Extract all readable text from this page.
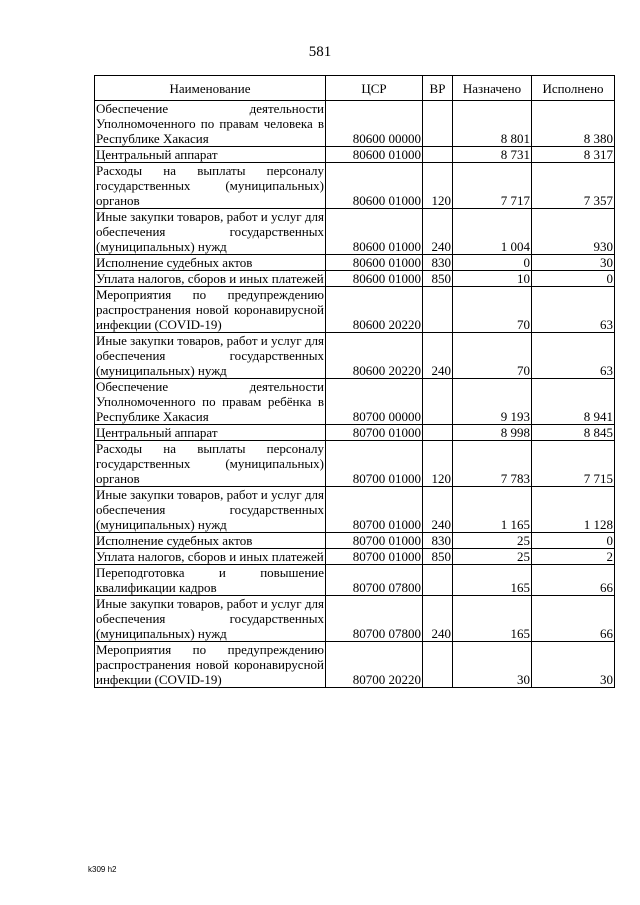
581
Наименование	ЦСР	ВР	Назначено	Исполнено
Обеспечение деятельности Уполномоченного по правам человека в Республике Хакасия	80600 00000		8 801	8 380
Центральный аппарат	80600 01000		8 731	8 317
Расходы на выплаты персоналу государственных (муниципальных) органов	80600 01000	120	7 717	7 357
Иные закупки товаров, работ и услуг для обеспечения государственных (муниципальных) нужд	80600 01000	240	1 004	930
Исполнение судебных актов	80600 01000	830	0	30
Уплата налогов, сборов и иных платежей	80600 01000	850	10	0
Мероприятия по предупреждению распространения новой коронавирусной инфекции (COVID-19)	80600 20220		70	63
Иные закупки товаров, работ и услуг для обеспечения государственных (муниципальных) нужд	80600 20220	240	70	63
Обеспечение деятельности Уполномоченного по правам ребёнка в Республике Хакасия	80700 00000		9 193	8 941
Центральный аппарат	80700 01000		8 998	8 845
Расходы на выплаты персоналу государственных (муниципальных) органов	80700 01000	120	7 783	7 715
Иные закупки товаров, работ и услуг для обеспечения государственных (муниципальных) нужд	80700 01000	240	1 165	1 128
Исполнение судебных актов	80700 01000	830	25	0
Уплата налогов, сборов и иных платежей	80700 01000	850	25	2
Переподготовка и повышение квалификации кадров	80700 07800		165	66
Иные закупки товаров, работ и услуг для обеспечения государственных (муниципальных) нужд	80700 07800	240	165	66
Мероприятия по предупреждению распространения новой коронавирусной инфекции (COVID-19)	80700 20220		30	30
k309 h2
